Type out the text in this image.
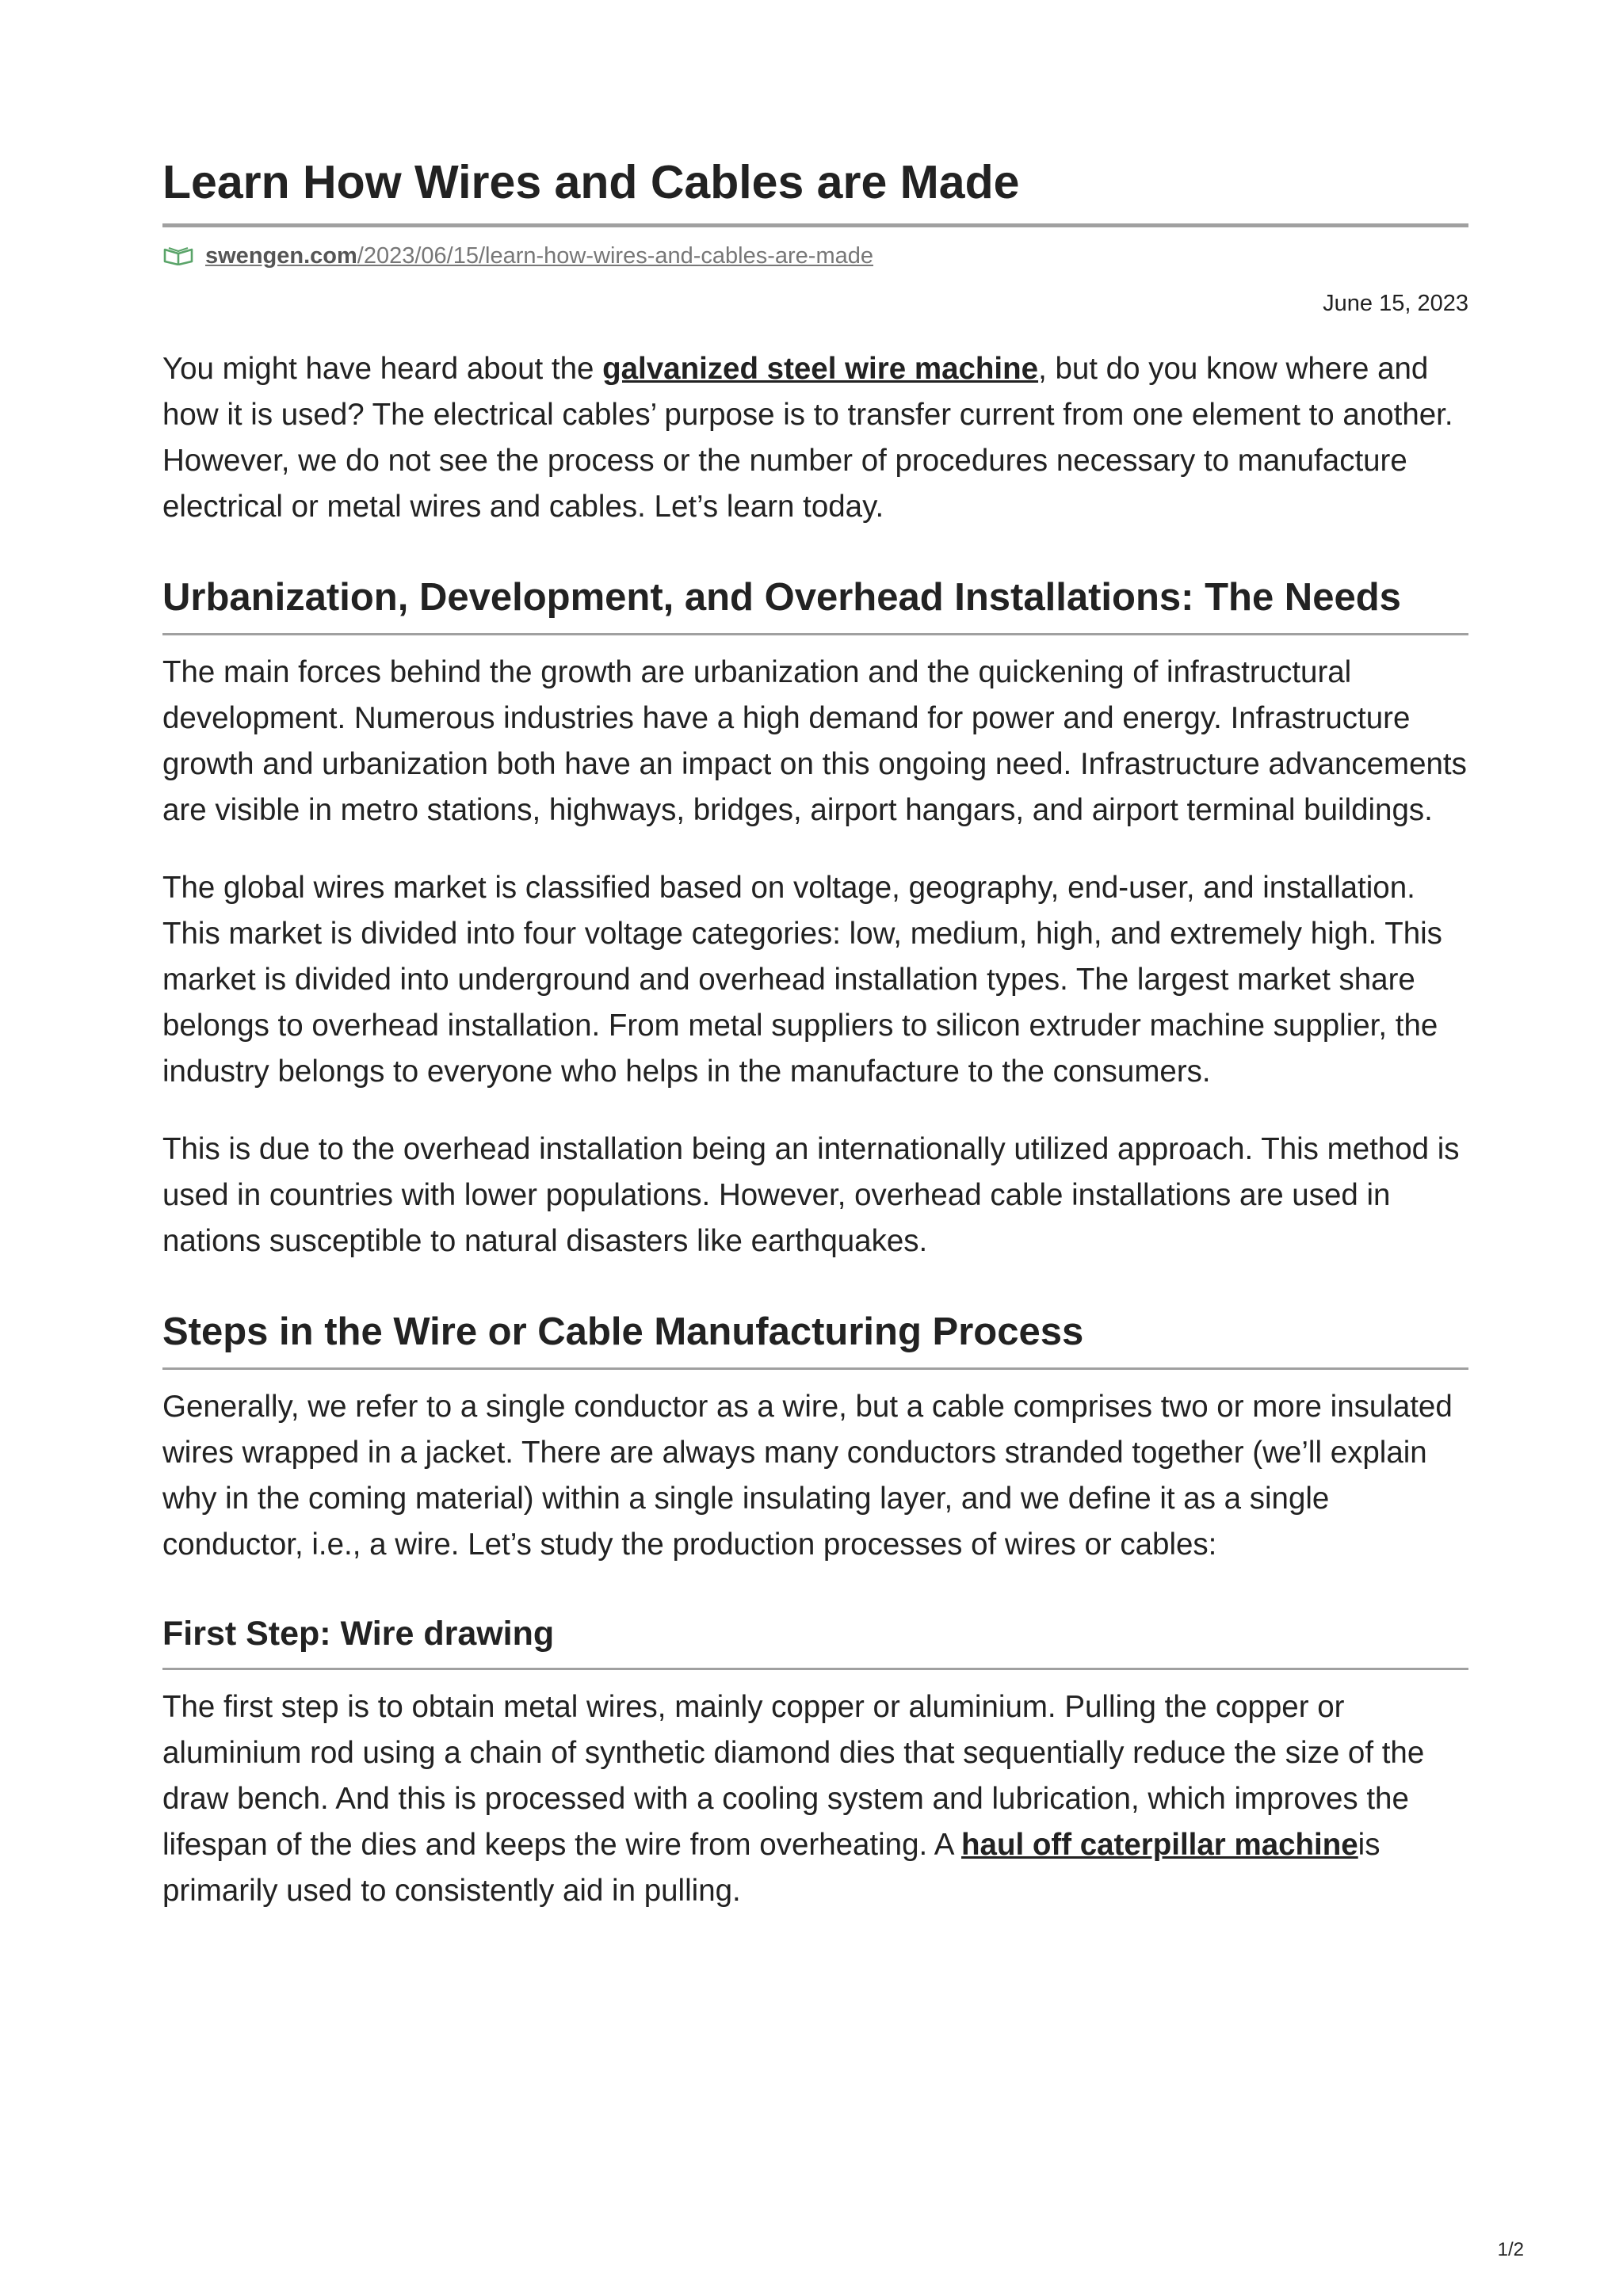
Learn How Wires and Cables are Made
swengen.com/2023/06/15/learn-how-wires-and-cables-are-made
June 15, 2023

You might have heard about the galvanized steel wire machine, but do you know where and how it is used? The electrical cables’ purpose is to transfer current from one element to another. However, we do not see the process or the number of procedures necessary to manufacture electrical or metal wires and cables. Let’s learn today.

Urbanization, Development, and Overhead Installations: The Needs

The main forces behind the growth are urbanization and the quickening of infrastructural development. Numerous industries have a high demand for power and energy. Infrastructure growth and urbanization both have an impact on this ongoing need. Infrastructure advancements are visible in metro stations, highways, bridges, airport hangars, and airport terminal buildings.

The global wires market is classified based on voltage, geography, end-user, and installation. This market is divided into four voltage categories: low, medium, high, and extremely high. This market is divided into underground and overhead installation types. The largest market share belongs to overhead installation. From metal suppliers to silicon extruder machine supplier, the industry belongs to everyone who helps in the manufacture to the consumers.

This is due to the overhead installation being an internationally utilized approach. This method is used in countries with lower populations. However, overhead cable installations are used in nations susceptible to natural disasters like earthquakes.

Steps in the Wire or Cable Manufacturing Process

Generally, we refer to a single conductor as a wire, but a cable comprises two or more insulated wires wrapped in a jacket. There are always many conductors stranded together (we’ll explain why in the coming material) within a single insulating layer, and we define it as a single conductor, i.e., a wire. Let’s study the production processes of wires or cables:

First Step: Wire drawing

The first step is to obtain metal wires, mainly copper or aluminium. Pulling the copper or aluminium rod using a chain of synthetic diamond dies that sequentially reduce the size of the draw bench. And this is processed with a cooling system and lubrication, which improves the lifespan of the dies and keeps the wire from overheating. A haul off caterpillar machineis primarily used to consistently aid in pulling.

1/2
